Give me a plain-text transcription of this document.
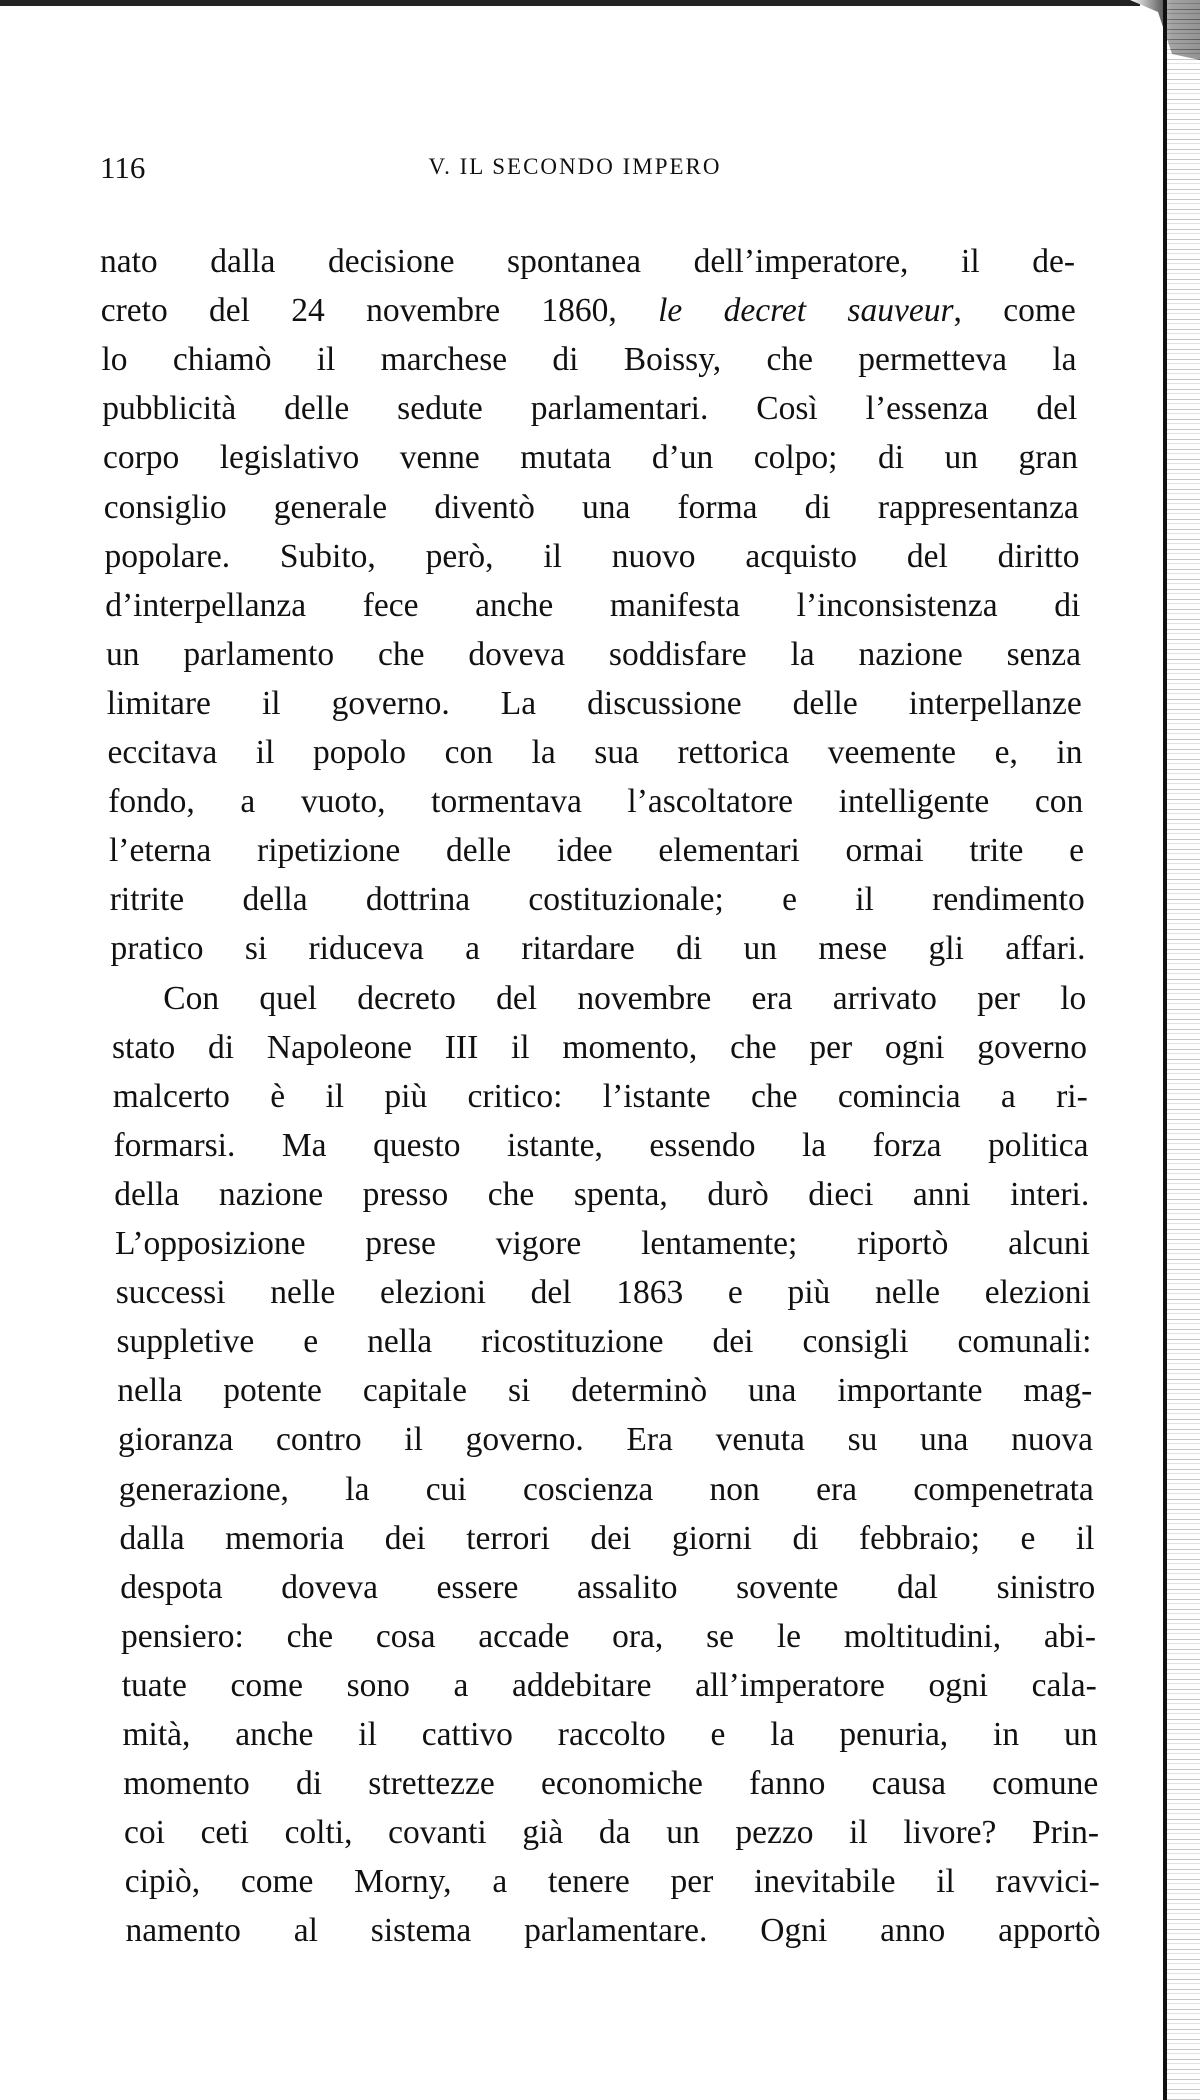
116	V. IL SECONDO IMPERO
nato dalla decisione spontanea dell’imperatore, il de-
creto del 24 novembre 1860, le decret sauveur, come
lo chiamò il marchese di Boissy, che permetteva la
pubblicità delle sedute parlamentari. Così l’essenza del
corpo legislativo venne mutata d’un colpo; di un gran
consiglio generale diventò una forma di rappresentanza
popolare. Subito, però, il nuovo acquisto del diritto
d’interpellanza fece anche manifesta l’inconsistenza di
un parlamento che doveva soddisfare la nazione senza
limitare il governo. La discussione delle interpellanze
eccitava il popolo con la sua rettorica veemente e, in
fondo, a vuoto, tormentava l’ascoltatore intelligente con
l’eterna ripetizione delle idee elementari ormai trite e
ritrite della dottrina costituzionale; e il rendimento
pratico si riduceva a ritardare di un mese gli affari.
Con quel decreto del novembre era arrivato per lo
stato di Napoleone III il momento, che per ogni governo
malcerto è il più critico: l’istante che comincia a ri-
formarsi. Ma questo istante, essendo la forza politica
della nazione presso che spenta, durò dieci anni interi.
L’opposizione prese vigore lentamente; riportò alcuni
successi nelle elezioni del 1863 e più nelle elezioni
suppletive e nella ricostituzione dei consigli comunali:
nella potente capitale si determinò una importante mag-
gioranza contro il governo. Era venuta su una nuova
generazione, la cui coscienza non era compenetrata
dalla memoria dei terrori dei giorni di febbraio; e il
despota doveva essere assalito sovente dal sinistro
pensiero: che cosa accade ora, se le moltitudini, abi-
tuate come sono a addebitare all’imperatore ogni cala-
mità, anche il cattivo raccolto e la penuria, in un
momento di strettezze economiche fanno causa comune
coi ceti colti, covanti già da un pezzo il livore? Prin-
cipiò, come Morny, a tenere per inevitabile il ravvici-
namento al sistema parlamentare. Ogni anno apportò
